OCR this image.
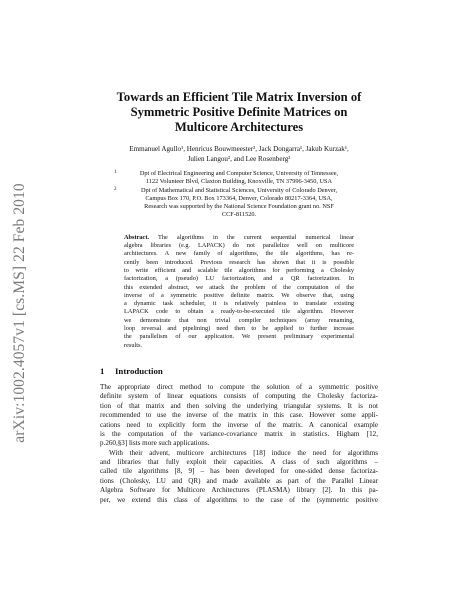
arXiv:1002.4057v1 [cs.MS] 22 Feb 2010
Towards an Efficient Tile Matrix Inversion of
Symmetric Positive Definite Matrices on
Multicore Architectures
Emmanuel Agullo¹, Henricus Bouwmeester², Jack Dongarra¹, Jakub Kurzak¹,
Julien Langou², and Lee Rosenberg²
1	Dpt of Electrical Engineering and Computer Science, University of Tennessee,
1122 Volunteer Blvd, Claxton Building, Knoxville, TN 37996-3450, USA
2	Dpt of Mathematical and Statistical Sciences, University of Colorado Denver,
Campus Box 170, P.O. Box 173364, Denver, Colorado 80217-3364, USA,
Research was supported by the National Science Foundation grant no. NSF
CCF-811520.
Abstract. The algorithms in the current sequential numerical linear
algebra libraries (e.g. LAPACK) do not parallelize well on multicore
architectures. A new family of algorithms, the tile algorithms, has re-
cently been introduced. Previous research has shown that it is possible
to write efficient and scalable tile algorithms for performing a Cholesky
factorization, a (pseudo) LU factorization, and a QR factorization. In
this extended abstract, we attack the problem of the computation of the
inverse of a symmetric positive definite matrix. We observe that, using
a dynamic task scheduler, it is relatively painless to translate existing
LAPACK code to obtain a ready-to-be-executed tile algorithm. However
we demonstrate that non trivial compiler techniques (array renaming,
loop reversal and pipelining) need then to be applied to further increase
the parallelism of our application. We present preliminary experimental
results.
1 Introduction
The appropriate direct method to compute the solution of a symmetric positive
definite system of linear equations consists of computing the Cholesky factoriza-
tion of that matrix and then solving the underlying triangular systems. It is not
recommended to use the inverse of the matrix in this case. However some appli-
cations need to explicitly form the inverse of the matrix. A canonical example
is the computation of the variance-covariance matrix in statistics. Higham [12,
p.260,§3] lists more such applications.
With their advent, multicore architectures [18] induce the need for algorithms
and libraries that fully exploit their capacities. A class of such algorithms –
called tile algorithms [8, 9] – has been developed for one-sided dense factoriza-
tions (Cholesky, LU and QR) and made available as part of the Parallel Linear
Algebra Software for Multicore Architectures (PLASMA) library [2]. In this pa-
per, we extend this class of algorithms to the case of the (symmetric positive
